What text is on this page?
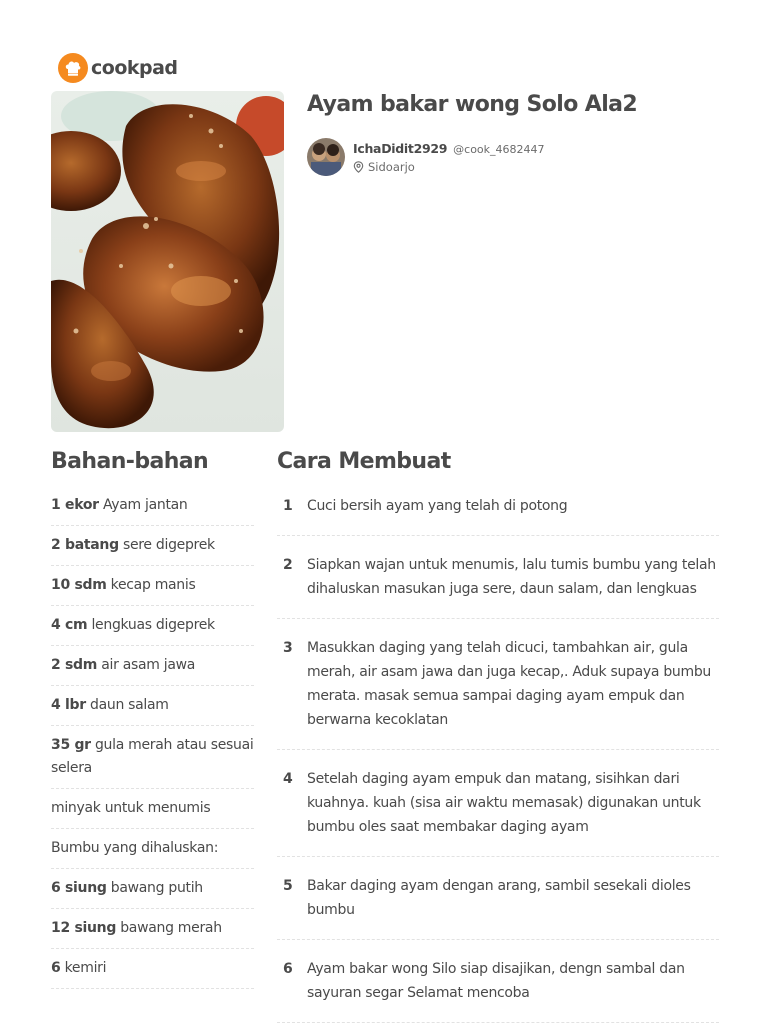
cookpad
Ayam bakar wong Solo Ala2
IchaDidit2929 @cook_4682447
Sidoarjo
Bahan-bahan
1 ekor Ayam jantan
2 batang sere digeprek
10 sdm kecap manis
4 cm lengkuas digeprek
2 sdm air asam jawa
4 lbr daun salam
35 gr gula merah atau sesuai selera
minyak untuk menumis
Bumbu yang dihaluskan:
6 siung bawang putih
12 siung bawang merah
6 kemiri
Cara Membuat
1	Cuci bersih ayam yang telah di potong
2	Siapkan wajan untuk menumis, lalu tumis bumbu yang telah dihaluskan masukan juga sere, daun salam, dan lengkuas
3	Masukkan daging yang telah dicuci, tambahkan air, gula merah, air asam jawa dan juga kecap,. Aduk supaya bumbu merata. masak semua sampai daging ayam empuk dan berwarna kecoklatan
4	Setelah daging ayam empuk dan matang, sisihkan dari kuahnya. kuah (sisa air waktu memasak) digunakan untuk bumbu oles saat membakar daging ayam
5	Bakar daging ayam dengan arang, sambil sesekali dioles bumbu
6	Ayam bakar wong Silo siap disajikan, dengn sambal dan sayuran segar Selamat mencoba
